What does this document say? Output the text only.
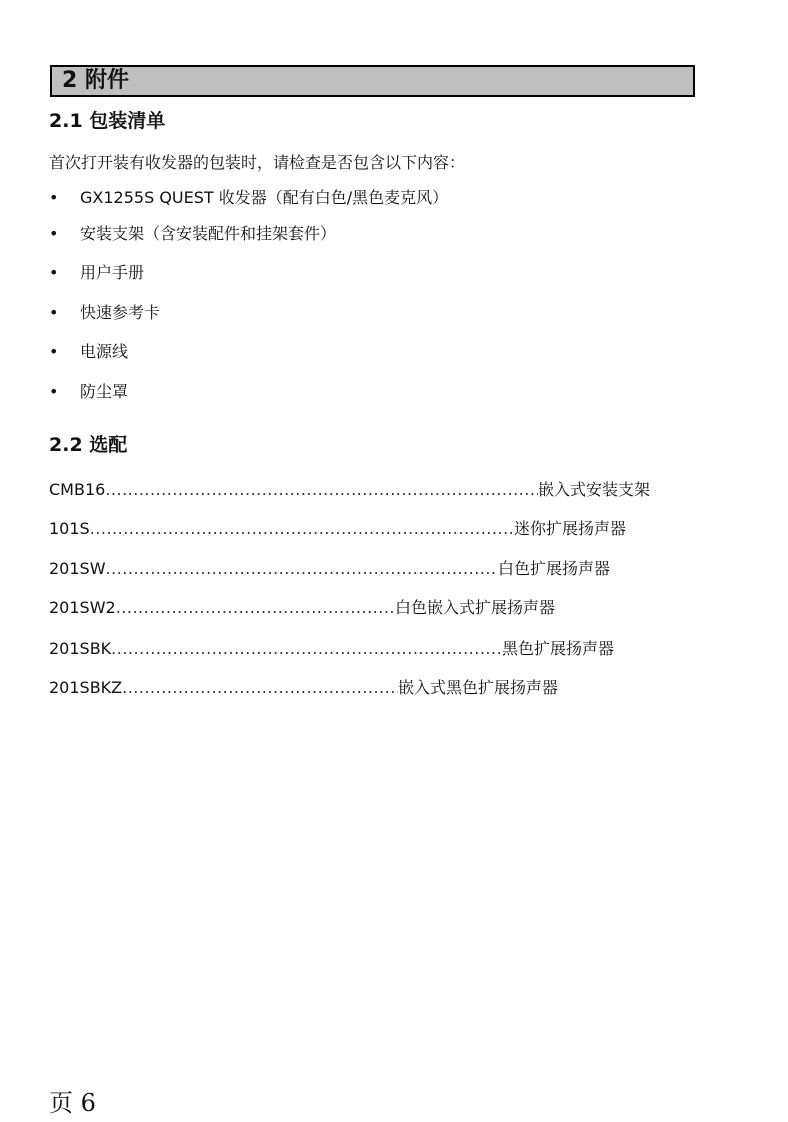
2 附件
2.1 包装清单
首次打开装有收发器的包装时，请检查是否包含以下内容：
• GX1255S QUEST 收发器（配有白色/黑色麦克风）
• 安装支架（含安装配件和挂架套件）
• 用户手册
• 快速参考卡
• 电源线
• 防尘罩
2.2 选配
CMB16 .....	嵌入式安装支架
101S .....	迷你扩展扬声器
201SW .....	白色扩展扬声器
201SW2 .....	白色嵌入式扩展扬声器
201SBK .....	黑色扩展扬声器
201SBKZ .....	嵌入式黑色扩展扬声器
页 6
